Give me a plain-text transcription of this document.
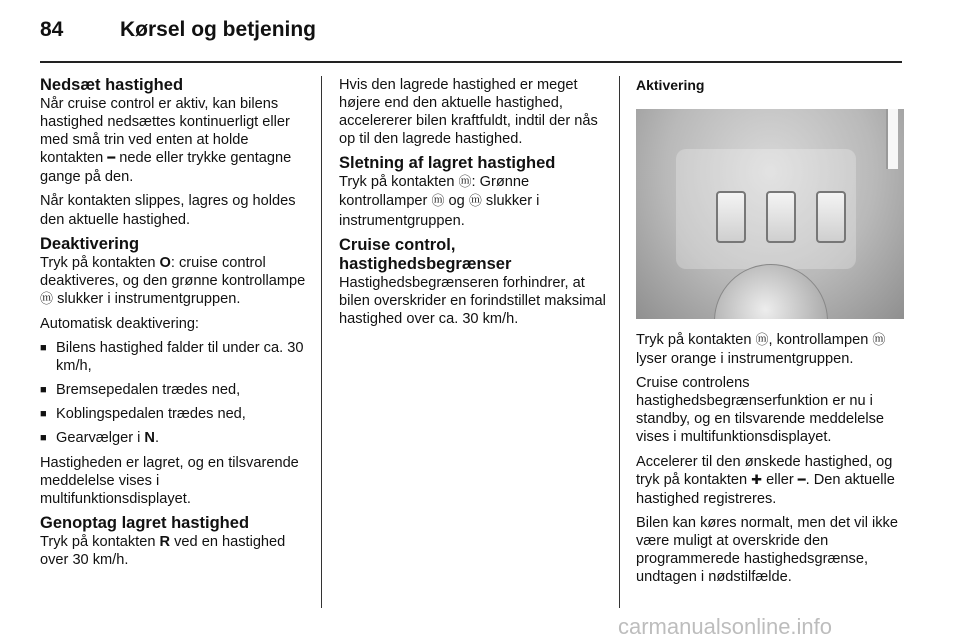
84	Kørsel og betjening
Nedsæt hastighed

Når cruise control er aktiv, kan bilens hastighed nedsættes kontinuerligt eller med små trin ved enten at holde kontakten ━ nede eller trykke gentagne gange på den.

Når kontakten slippes, lagres og holdes den aktuelle hastighed.

Deaktivering

Tryk på kontakten O: cruise control deaktiveres, og den grønne kontrollampe ⓜ slukker i instrumentgruppen.

Automatisk deaktivering:

■ Bilens hastighed falder til under ca. 30 km/h,
■ Bremsepedalen trædes ned,
■ Koblingspedalen trædes ned,
■ Gearvælger i N.

Hastigheden er lagret, og en tilsvarende meddelelse vises i multifunktionsdisplayet.

Genoptag lagret hastighed

Tryk på kontakten R ved en hastighed over 30 km/h.

Hvis den lagrede hastighed er meget højere end den aktuelle hastighed, accelererer bilen kraftfuldt, indtil der nås op til den lagrede hastighed.

Sletning af lagret hastighed

Tryk på kontakten ⓜ: Grønne kontrollamper ⓜ og ⓜ slukker i instrumentgruppen.

Cruise control,
hastighedsbegrænser

Hastighedsbegrænseren forhindrer, at bilen overskrider en forindstillet maksimal hastighed over ca. 30 km/h.

Aktivering

Tryk på kontakten ⓜ, kontrollampen ⓜ lyser orange i instrumentgruppen.

Cruise controlens hastighedsbegrænserfunktion er nu i standby, og en tilsvarende meddelelse vises i multifunktionsdisplayet.

Accelerer til den ønskede hastighed, og tryk på kontakten ✚ eller ━. Den aktuelle hastighed registreres.

Bilen kan køres normalt, men det vil ikke være muligt at overskride den programmerede hastighedsgrænse, undtagen i nødstilfælde.

carmanualsonline.info
